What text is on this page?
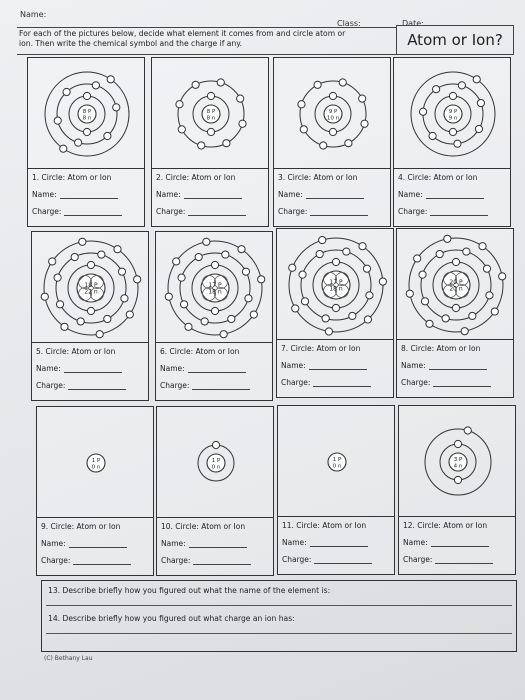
Name:
Class:	Date:
For each of the pictures below, decide what element it comes from and circle atom or
ion. Then write the chemical symbol and the charge if any.	Atom or Ion?
8 P
8 n
1. Circle: Atom or Ion
Name:
Charge:
8 P
8 n
2. Circle: Atom or Ion
Name:
Charge:
9 P
10 n
3. Circle: Atom or Ion
Name:
Charge:
9 P
9 n
4. Circle: Atom or Ion
Name:
Charge:
18 P
22 n
5. Circle: Atom or Ion
Name:
Charge:
17 P
18 n
6. Circle: Atom or Ion
Name:
Charge:
17 P
18 n
7. Circle: Atom or Ion
Name:
Charge:
20 P
20 n
8. Circle: Atom or Ion
Name:
Charge:
1 P
0 n
9. Circle: Atom or Ion
Name:
Charge:
1 P
0 n
10. Circle: Atom or Ion
Name:
Charge:
1 P
0 n
11. Circle: Atom or Ion
Name:
Charge:
3 P
4 n
12. Circle: Atom or Ion
Name:
Charge:
13. Describe briefly how you figured out what the name of the element is:
14. Describe briefly how you figured out what charge an ion has:
(C) Bethany Lau
